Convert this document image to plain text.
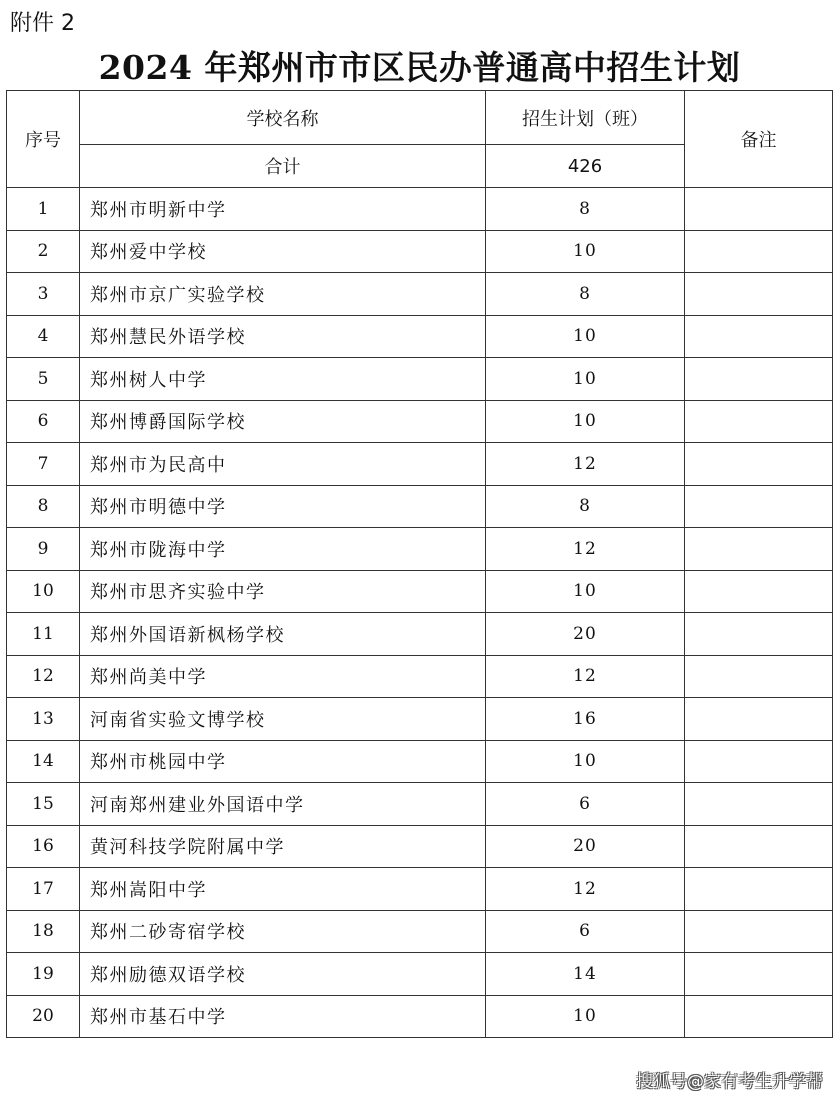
附件 2
2024 年郑州市市区民办普通高中招生计划
序号	学校名称	招生计划（班）	备注
	合计	426	
1	郑州市明新中学	8	
2	郑州爱中学校	10	
3	郑州市京广实验学校	8	
4	郑州慧民外语学校	10	
5	郑州树人中学	10	
6	郑州博爵国际学校	10	
7	郑州市为民高中	12	
8	郑州市明德中学	8	
9	郑州市陇海中学	12	
10	郑州市思齐实验中学	10	
11	郑州外国语新枫杨学校	20	
12	郑州尚美中学	12	
13	河南省实验文博学校	16	
14	郑州市桃园中学	10	
15	河南郑州建业外国语中学	6	
16	黄河科技学院附属中学	20	
17	郑州嵩阳中学	12	
18	郑州二砂寄宿学校	6	
19	郑州励德双语学校	14	
20	郑州市基石中学	10	
搜狐号@家有考生升学帮
